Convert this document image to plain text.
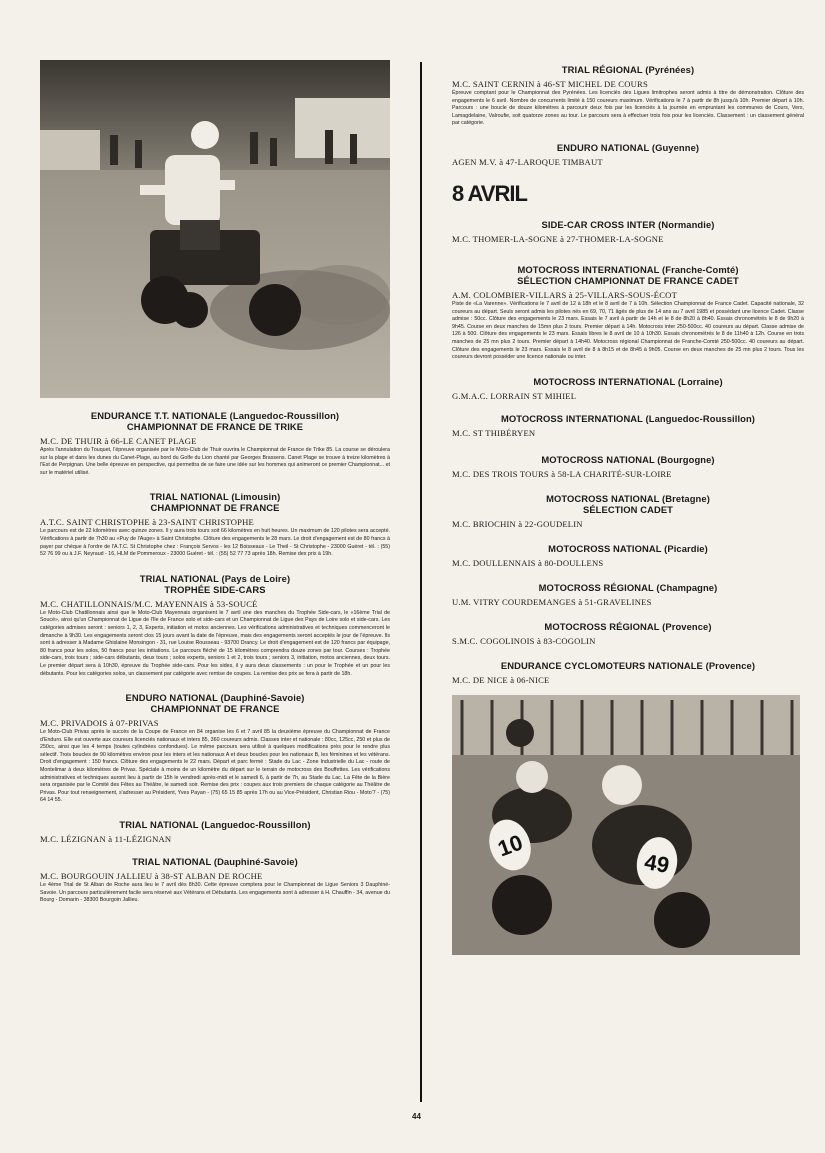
ENDURANCE T.T. NATIONALE (Languedoc-Roussillon)
CHAMPIONNAT DE FRANCE DE TRIKE
M.C. DE THUIR à 66-LE CANET PLAGE
Après l'annulation du Touquet, l'épreuve organisée par le Moto-Club de Thuir ouvrira le Championnat de France de Trike 85. La course se déroulera sur la plage et dans les dunes du Canet-Plage, au bord du Golfe du Lion chanté par Georges Brassens. Canet Plage se trouve à treize kilomètres à l'Est de Perpignan. Une belle épreuve en perspective, qui permettra de se faire une idée sur les hommes qui animeront ce premier Championnat... et sur le matériel utilisé.
TRIAL NATIONAL (Limousin)
CHAMPIONNAT DE FRANCE
A.T.C. SAINT CHRISTOPHE à 23-SAINT CHRISTOPHE
Le parcours est de 22 kilomètres avec quinze zones. Il y aura trois tours soit 66 kilomètres en huit heures. Un maximum de 120 pilotes sera accepté. Vérifications à partir de 7h30 au «Puy de l'Auge» à Saint Christophe. Clôture des engagements le 28 mars. Le droit d'engagement est de 80 francs à payer par chèque à l'ordre de l'A.T.C. St Christophe chez : François Servos - les 12 Boisseaux - Le Theil - St Christophe - 23000 Guéret - tél. : (55) 52 76 99 ou à J.F. Neyraud - 16, HLM de Pommeroux - 23000 Guéret - tél. : (55) 52 77 73 après 18h. Remise des prix à 19h.
TRIAL NATIONAL (Pays de Loire)
TROPHÉE SIDE-CARS
M.C. CHATILLONNAIS/M.C. MAYENNAIS à 53-SOUCÉ
Le Moto-Club Chatillonnais ainsi que le Moto-Club Mayennais organisent le 7 avril une des manches du Trophée Side-cars, le «16ème Trial de Soucé», ainsi qu'un Championnat de Ligue de l'Ile de France solo et side-cars et un Championnat de Ligue des Pays de Loire solo et side-cars. Les catégories admises seront : seniors 1, 2, 3, Experts, initiation et motos anciennes. Les vérifications administratives et techniques commenceront le dimanche à 9h30. Les engagements seront clos 15 jours avant la date de l'épreuve, mais des engagements seront acceptés le jour de l'épreuve. Ils sont à adresser à Madame Ghislaine Monsingon - 31, rue Louise Rousseau - 93700 Drancy. Le droit d'engagement est de 120 francs par équipage, 80 francs pour les solos, 50 francs pour les initiations. Le parcours fléché de 15 kilomètres comprendra douze zones par tour. Courses : Trophée side-cars, trois tours ; side-cars débutants, deux tours ; solos experts, seniors 1 et 2, trois tours ; seniors 3, initiation, motos anciennes, deux tours. Le premier départ sera à 10h30, épreuve du Trophée side-cars. Pour les sides, il y aura deux classements : un pour le Trophée et un pour les débutants. Pour les catégories solos, un classement par catégorie avec remise de coupes. La remise des prix se fera à partir de 18h.
ENDURO NATIONAL (Dauphiné-Savoie)
CHAMPIONNAT DE FRANCE
M.C. PRIVADOIS à 07-PRIVAS
Le Moto-Club Privas après le succès de la Coupe de France en 84 organise les 6 et 7 avril 85 la deuxième épreuve du Championnat de France d'Enduro. Elle est ouverte aux coureurs licenciés nationaux et inters 85, 360 coureurs admis. Classes inter et nationale : 80cc, 125cc, 250 et plus de 250cc, ainsi que les 4 temps (toutes cylindrées confondues). Le même parcours sera utilisé à quelques modifications près pour le rendre plus sélectif. Trois boucles de 90 kilomètres environ pour les inters et les nationaux A et deux boucles pour les nationaux B, les féminines et les vétérans. Droit d'engagement : 150 francs. Clôture des engagements le 22 mars. Départ et parc fermé : Stade du Lac - Zone Industrielle du Lac - route de Montelimar à deux kilomètres de Privas. Spéciale à moins de un kilomètre du départ sur le terrain de motocross des Bouffettes. Les vérifications administratives et techniques auront lieu à partir de 15h le vendredi après-midi et le samedi 6, à partir de 7h, au Stade du Lac. La Fête de la Bière sera organisée par le Comité des Fêtes au Théâtre, le samedi soir. Remise des prix : coupes aux trois premiers de chaque catégorie au Théâtre de Privas. Pour tout renseignement, s'adresser au Président, Yves Payan - (75) 65 15 85 après 17h ou au Vice-Président, Christian Riou - Moto'7 - (75) 64 14 55.
TRIAL NATIONAL (Languedoc-Roussillon)
M.C. LÉZIGNAN à 11-LÉZIGNAN
TRIAL NATIONAL (Dauphiné-Savoie)
M.C. BOURGOUIN JALLIEU à 38-ST ALBAN DE ROCHE
Le 4ème Trial de St Alban de Roche aura lieu le 7 avril dès 8h30. Cette épreuve comptera pour le Championnat de Ligue Seniors 3 Dauphiné-Savoie. Un parcours particulièrement facile sera réservé aux Vétérans et Débutants. Les engagements sont à adresser à H. Chauffin - 34, avenue du Bourg - Domarin - 38300 Bourgoin Jallieu.
TRIAL RÉGIONAL (Pyrénées)
M.C. SAINT CERNIN à 46-ST MICHEL DE COURS
Épreuve comptant pour le Championnat des Pyrénées. Les licenciés des Ligues limitrophes seront admis à titre de démonstration. Clôture des engagements le 6 avril. Nombre de concurrents limité à 150 coureurs maximum. Vérifications le 7 à partir de 8h jusqu'à 10h. Premier départ à 10h. Parcours : une boucle de douze kilomètres à parcourir deux fois par les licenciés à la journée en empruntant les communes de Cours, Vers, Lamagdelaine, Valroufie, soit quatorze zones au tour. Le parcours sera à effectuer trois fois pour les licenciés. Classement : un classement général par catégorie.
ENDURO NATIONAL (Guyenne)
AGEN M.V. à 47-LAROQUE TIMBAUT
8 AVRIL
SIDE-CAR CROSS INTER (Normandie)
M.C. THOMER-LA-SOGNE à 27-THOMER-LA-SOGNE
MOTOCROSS INTERNATIONAL (Franche-Comté)
SÉLECTION CHAMPIONNAT DE FRANCE CADET
A.M. COLOMBIER-VILLARS à 25-VILLARS-SOUS-ÉCOT
Piste de «La Varenne». Vérifications le 7 avril de 12 à 18h et le 8 avril de 7 à 10h. Sélection Championnat de France Cadet. Capacité nationale, 32 coureurs au départ. Seuls seront admis les pilotes nés en 69, 70, 71 âgés de plus de 14 ans au 7 avril 1985 et possédant une licence Cadet. Classe admise : 50cc. Clôture des engagements le 23 mars. Essais le 7 avril à partir de 14h et le 8 de 8h20 à 8h40. Essais chronométrés le 8 de 9h20 à 9h45. Course en deux manches de 15mn plus 2 tours. Premier départ à 14h. Motocross inter 250-500cc. 40 coureurs au départ. Classe admise de 126 à 500. Clôture des engagements le 23 mars. Essais libres le 8 avril de 10 à 10h30. Essais chronométrés le 8 de 11h40 à 12h. Course en trois manches de 25 mn plus 2 tours. Premier départ à 14h40. Motocross régional Championnat de Franche-Comté 250-500cc. 40 coureurs au départ. Clôture des engagements le 23 mars. Essais le 8 avril de 8 à 8h15 et de 8h45 à 9h05. Course en deux manches de 25 mn plus 2 tours. Tous les coureurs devront posséder une licence nationale ou inter.
MOTOCROSS INTERNATIONAL (Lorraine)
G.M.A.C. LORRAIN ST MIHIEL
MOTOCROSS INTERNATIONAL (Languedoc-Roussillon)
M.C. ST THIBÉRYEN
MOTOCROSS NATIONAL (Bourgogne)
M.C. DES TROIS TOURS à 58-LA CHARITÉ-SUR-LOIRE
MOTOCROSS NATIONAL (Bretagne)
SÉLECTION CADET
M.C. BRIOCHIN à 22-GOUDELIN
MOTOCROSS NATIONAL (Picardie)
M.C. DOULLENNAIS à 80-DOULLENS
MOTOCROSS RÉGIONAL (Champagne)
U.M. VITRY COURDEMANGES à 51-GRAVELINES
MOTOCROSS RÉGIONAL (Provence)
S.M.C. COGOLINOIS à 83-COGOLIN
ENDURANCE CYCLOMOTEURS NATIONALE (Provence)
M.C. DE NICE à 06-NICE
10
49
44
